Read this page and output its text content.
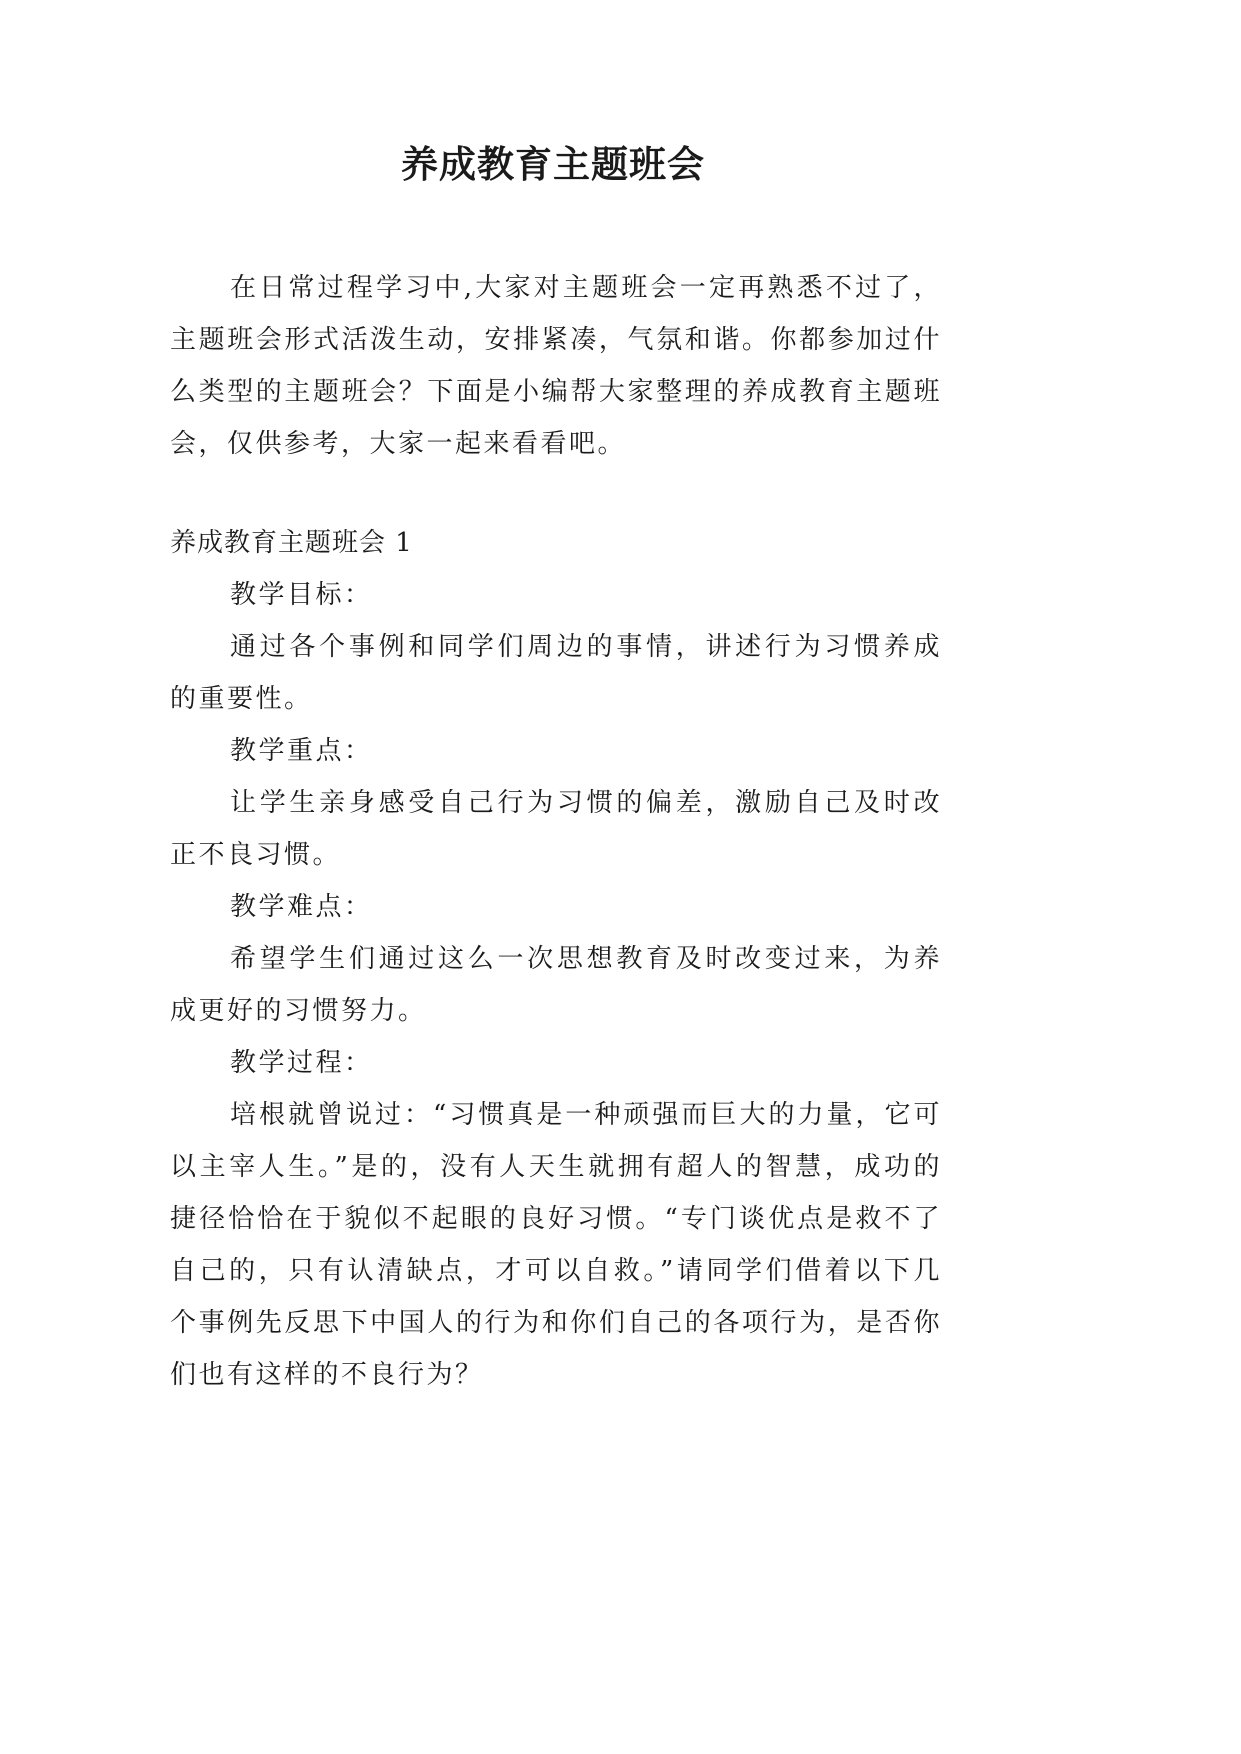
养成教育主题班会

在日常过程学习中,大家对主题班会一定再熟悉不过了，主题班会形式活泼生动，安排紧凑，气氛和谐。你都参加过什么类型的主题班会？下面是小编帮大家整理的养成教育主题班会，仅供参考，大家一起来看看吧。

养成教育主题班会 1

教学目标：

通过各个事例和同学们周边的事情，讲述行为习惯养成的重要性。

教学重点：

让学生亲身感受自己行为习惯的偏差，激励自己及时改正不良习惯。

教学难点：

希望学生们通过这么一次思想教育及时改变过来，为养成更好的习惯努力。

教学过程：

培根就曾说过：“习惯真是一种顽强而巨大的力量，它可以主宰人生。”是的，没有人天生就拥有超人的智慧，成功的捷径恰恰在于貌似不起眼的良好习惯。“专门谈优点是救不了自己的，只有认清缺点，才可以自救。”请同学们借着以下几个事例先反思下中国人的行为和你们自己的各项行为，是否你们也有这样的不良行为？
